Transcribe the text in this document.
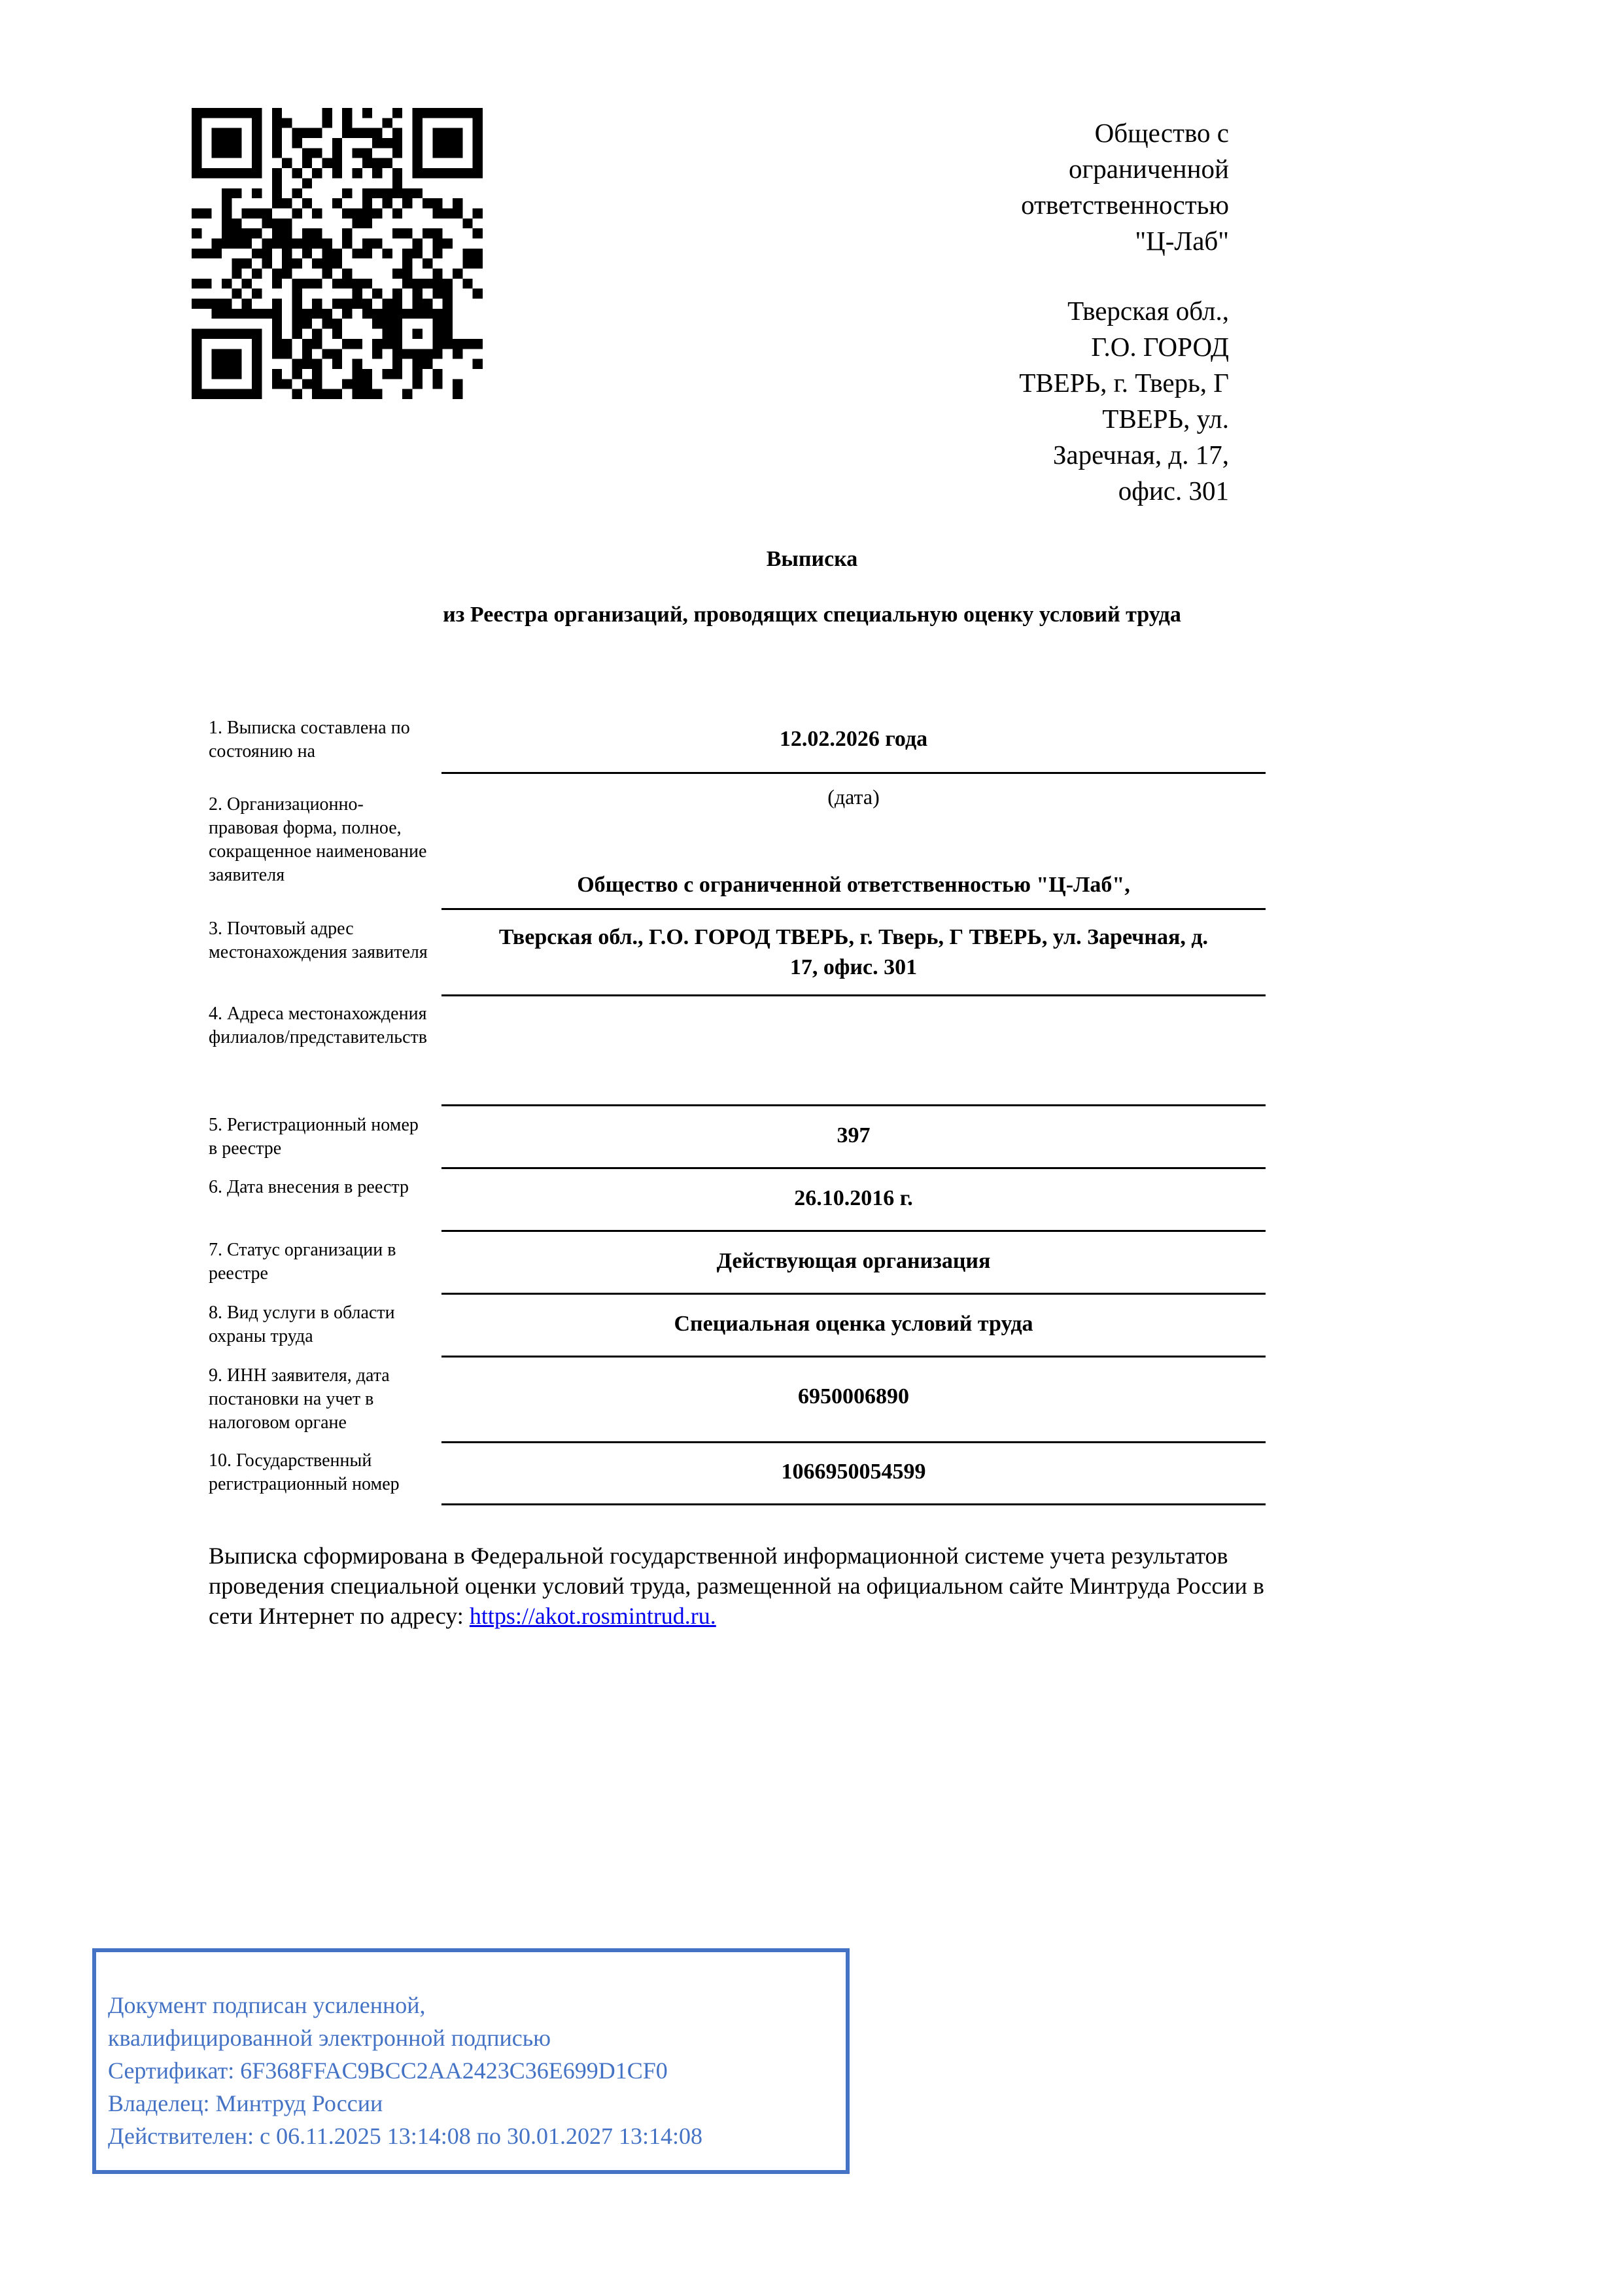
Общество с
ограниченной
ответственностью
"Ц-Лаб"
Тверская обл.,
Г.О. ГОРОД
ТВЕРЬ, г. Тверь, Г
ТВЕРЬ, ул.
Заречная, д. 17,
офис. 301
Выписка
из Реестра организаций, проводящих специальную оценку условий труда
1. Выписка составлена по состоянию на
12.02.2026 года
(дата)
2. Организационно-правовая форма, полное, сокращенное наименование заявителя	Общество с ограниченной ответственностью "Ц-Лаб",
3. Почтовый адрес местонахождения заявителя
Тверская обл., Г.О. ГОРОД ТВЕРЬ, г. Тверь, Г ТВЕРЬ, ул. Заречная, д. 17, офис. 301
4. Адреса местонахождения филиалов/представительств
5. Регистрационный номер в реестре
397
6. Дата внесения в реестр	26.10.2016 г.
7. Статус организации в реестре
Действующая организация
8. Вид услуги в области охраны труда
Специальная оценка условий труда
9. ИНН заявителя, дата постановки на учет в налоговом органе
6950006890
10. Государственный регистрационный номер
1066950054599
Выписка сформирована в Федеральной государственной информационной системе учета результатов проведения специальной оценки условий труда, размещенной на официальном сайте Минтруда России в сети Интернет по адресу: https://akot.rosmintrud.ru.
Документ подписан усиленной,
квалифицированной электронной подписью
Сертификат: 6F368FFAC9BCC2AA2423C36E699D1CF0
Владелец: Минтруд России
Действителен: с 06.11.2025 13:14:08 по 30.01.2027 13:14:08
